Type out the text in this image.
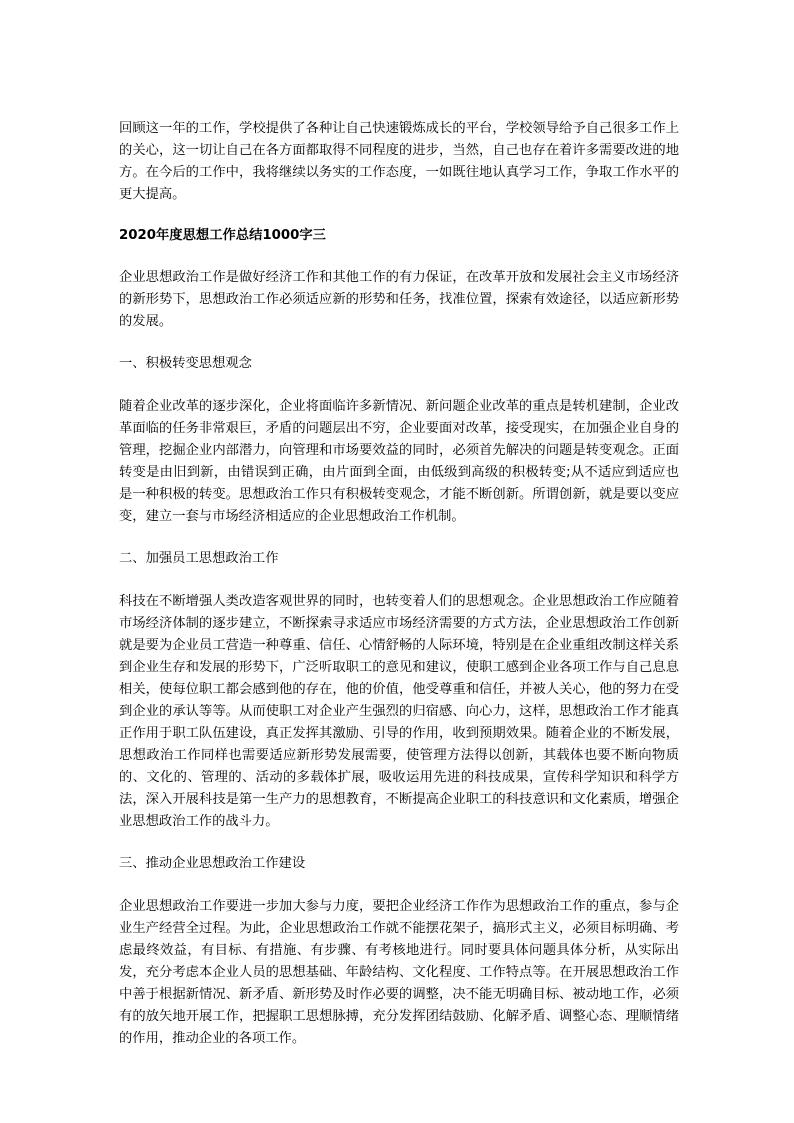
回顾这一年的工作，学校提供了各种让自己快速锻炼成长的平台，学校领导给予自己很多工作上的关心，这一切让自己在各方面都取得不同程度的进步，当然，自己也存在着许多需要改进的地方。在今后的工作中，我将继续以务实的工作态度，一如既往地认真学习工作，争取工作水平的更大提高。

2020年度思想工作总结1000字三

企业思想政治工作是做好经济工作和其他工作的有力保证，在改革开放和发展社会主义市场经济的新形势下，思想政治工作必须适应新的形势和任务，找准位置，探索有效途径，以适应新形势的发展。

一、积极转变思想观念

随着企业改革的逐步深化，企业将面临许多新情况、新问题企业改革的重点是转机建制，企业改革面临的任务非常艰巨，矛盾的问题层出不穷，企业要面对改革，接受现实，在加强企业自身的管理，挖掘企业内部潜力，向管理和市场要效益的同时，必须首先解决的问题是转变观念。正面转变是由旧到新，由错误到正确，由片面到全面，由低级到高级的积极转变;从不适应到适应也是一种积极的转变。思想政治工作只有积极转变观念，才能不断创新。所谓创新，就是要以变应变，建立一套与市场经济相适应的企业思想政治工作机制。

二、加强员工思想政治工作

科技在不断增强人类改造客观世界的同时，也转变着人们的思想观念。企业思想政治工作应随着市场经济体制的逐步建立，不断探索寻求适应市场经济需要的方式方法，企业思想政治工作创新就是要为企业员工营造一种尊重、信任、心情舒畅的人际环境，特别是在企业重组改制这样关系到企业生存和发展的形势下，广泛听取职工的意见和建议，使职工感到企业各项工作与自己息息相关，使每位职工都会感到他的存在，他的价值，他受尊重和信任，并被人关心，他的努力在受到企业的承认等等。从而使职工对企业产生强烈的归宿感、向心力，这样，思想政治工作才能真正作用于职工队伍建设，真正发挥其激励、引导的作用，收到预期效果。随着企业的不断发展，思想政治工作同样也需要适应新形势发展需要，使管理方法得以创新，其载体也要不断向物质的、文化的、管理的、活动的多载体扩展，吸收运用先进的科技成果，宣传科学知识和科学方法，深入开展科技是第一生产力的思想教育，不断提高企业职工的科技意识和文化素质，增强企业思想政治工作的战斗力。

三、推动企业思想政治工作建设

企业思想政治工作要进一步加大参与力度，要把企业经济工作作为思想政治工作的重点，参与企业生产经营全过程。为此，企业思想政治工作就不能摆花架子，搞形式主义，必须目标明确、考虑最终效益，有目标、有措施、有步骤、有考核地进行。同时要具体问题具体分析，从实际出发，充分考虑本企业人员的思想基础、年龄结构、文化程度、工作特点等。在开展思想政治工作中善于根据新情况、新矛盾、新形势及时作必要的调整，决不能无明确目标、被动地工作，必须有的放矢地开展工作，把握职工思想脉搏，充分发挥团结鼓励、化解矛盾、调整心态、理顺情绪的作用，推动企业的各项工作。
